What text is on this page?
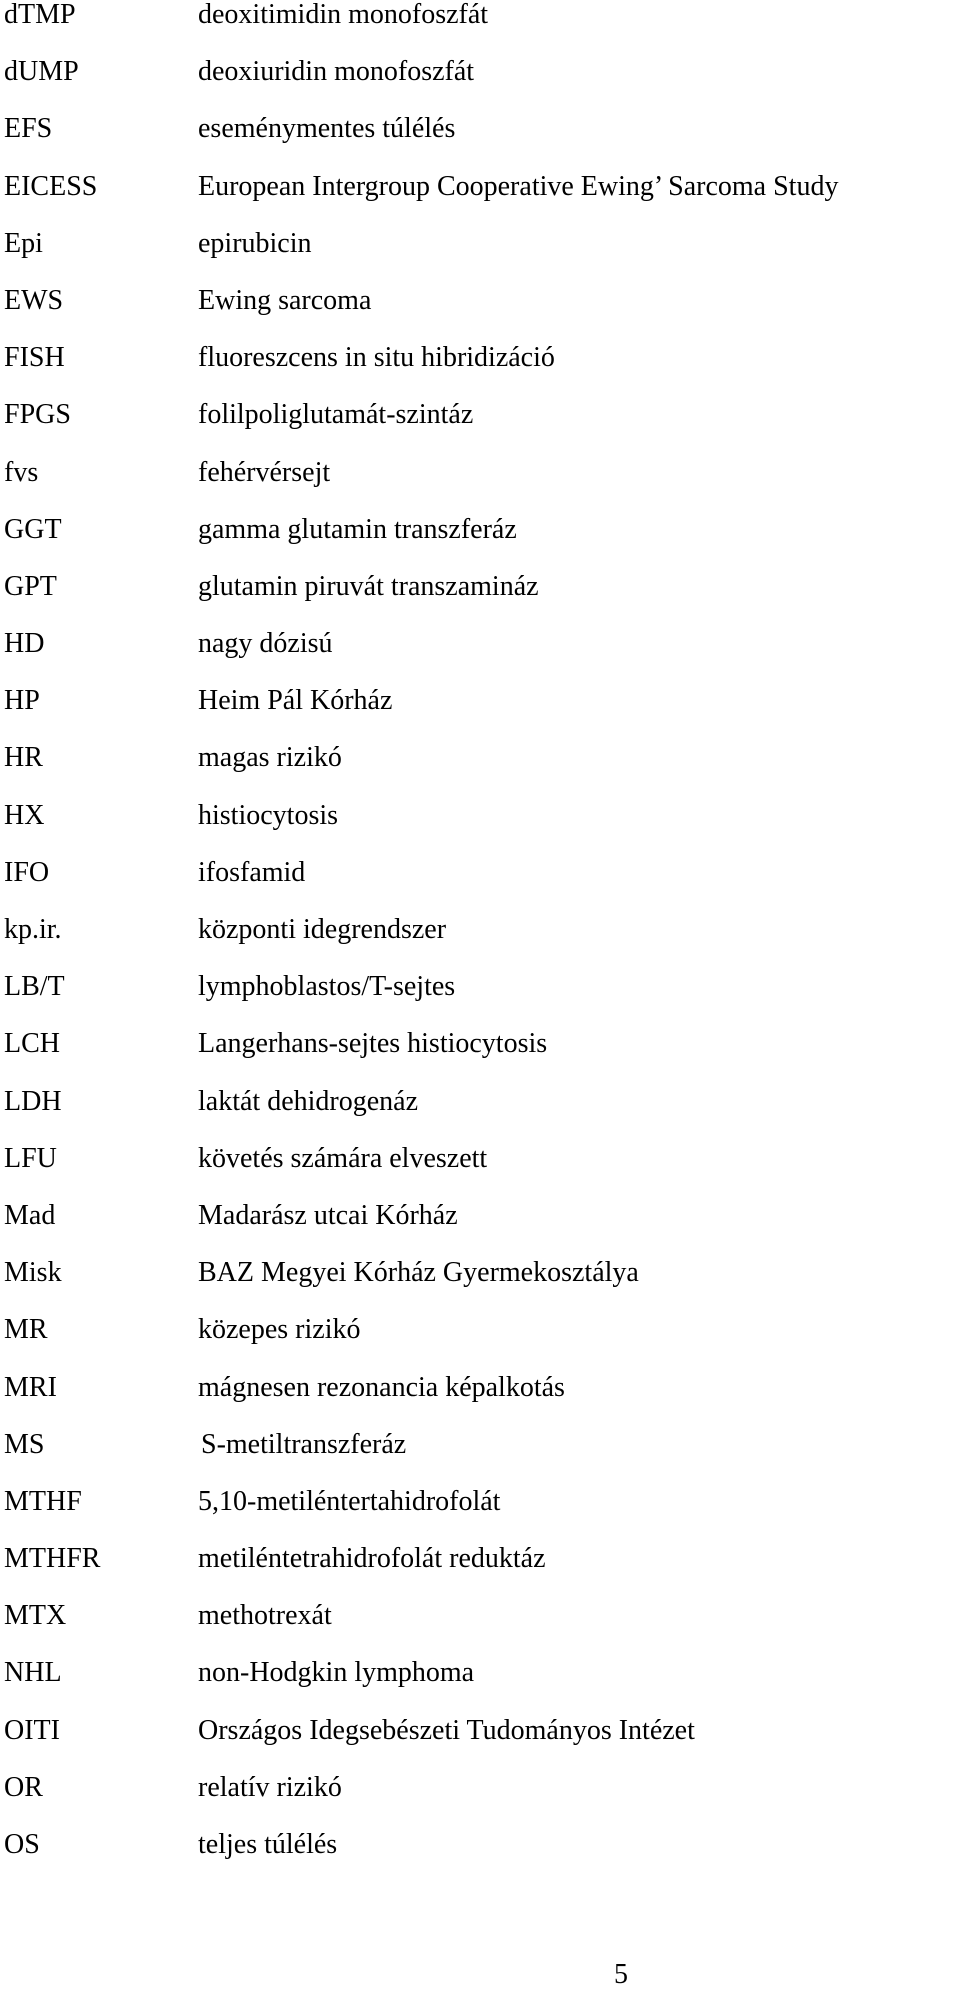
dTMP	deoxitimidin monofoszfát
dUMP	deoxiuridin monofoszfát
EFS	eseménymentes túlélés
EICESS	European Intergroup Cooperative Ewing’ Sarcoma Study
Epi	epirubicin
EWS	Ewing sarcoma
FISH	fluoreszcens in situ hibridizáció
FPGS	folilpoliglutamát-szintáz
fvs	fehérvérsejt
GGT	gamma glutamin transzferáz
GPT	glutamin piruvát transzamináz
HD	nagy dózisú
HP	Heim Pál Kórház
HR	magas rizikó
HX	histiocytosis
IFO	ifosfamid
kp.ir.	központi idegrendszer
LB/T	lymphoblastos/T-sejtes
LCH	Langerhans-sejtes histiocytosis
LDH	laktát dehidrogenáz
LFU	követés számára elveszett
Mad	Madarász utcai Kórház
Misk	BAZ Megyei Kórház Gyermekosztálya
MR	közepes rizikó
MRI	mágnesen rezonancia képalkotás
MS	S-metiltranszferáz
MTHF	5,10-metiléntertahidrofolát
MTHFR	metiléntetrahidrofolát reduktáz
MTX	methotrexát
NHL	non-Hodgkin lymphoma
OITI	Országos Idegsebészeti Tudományos Intézet
OR	relatív rizikó
OS	teljes túlélés
5
